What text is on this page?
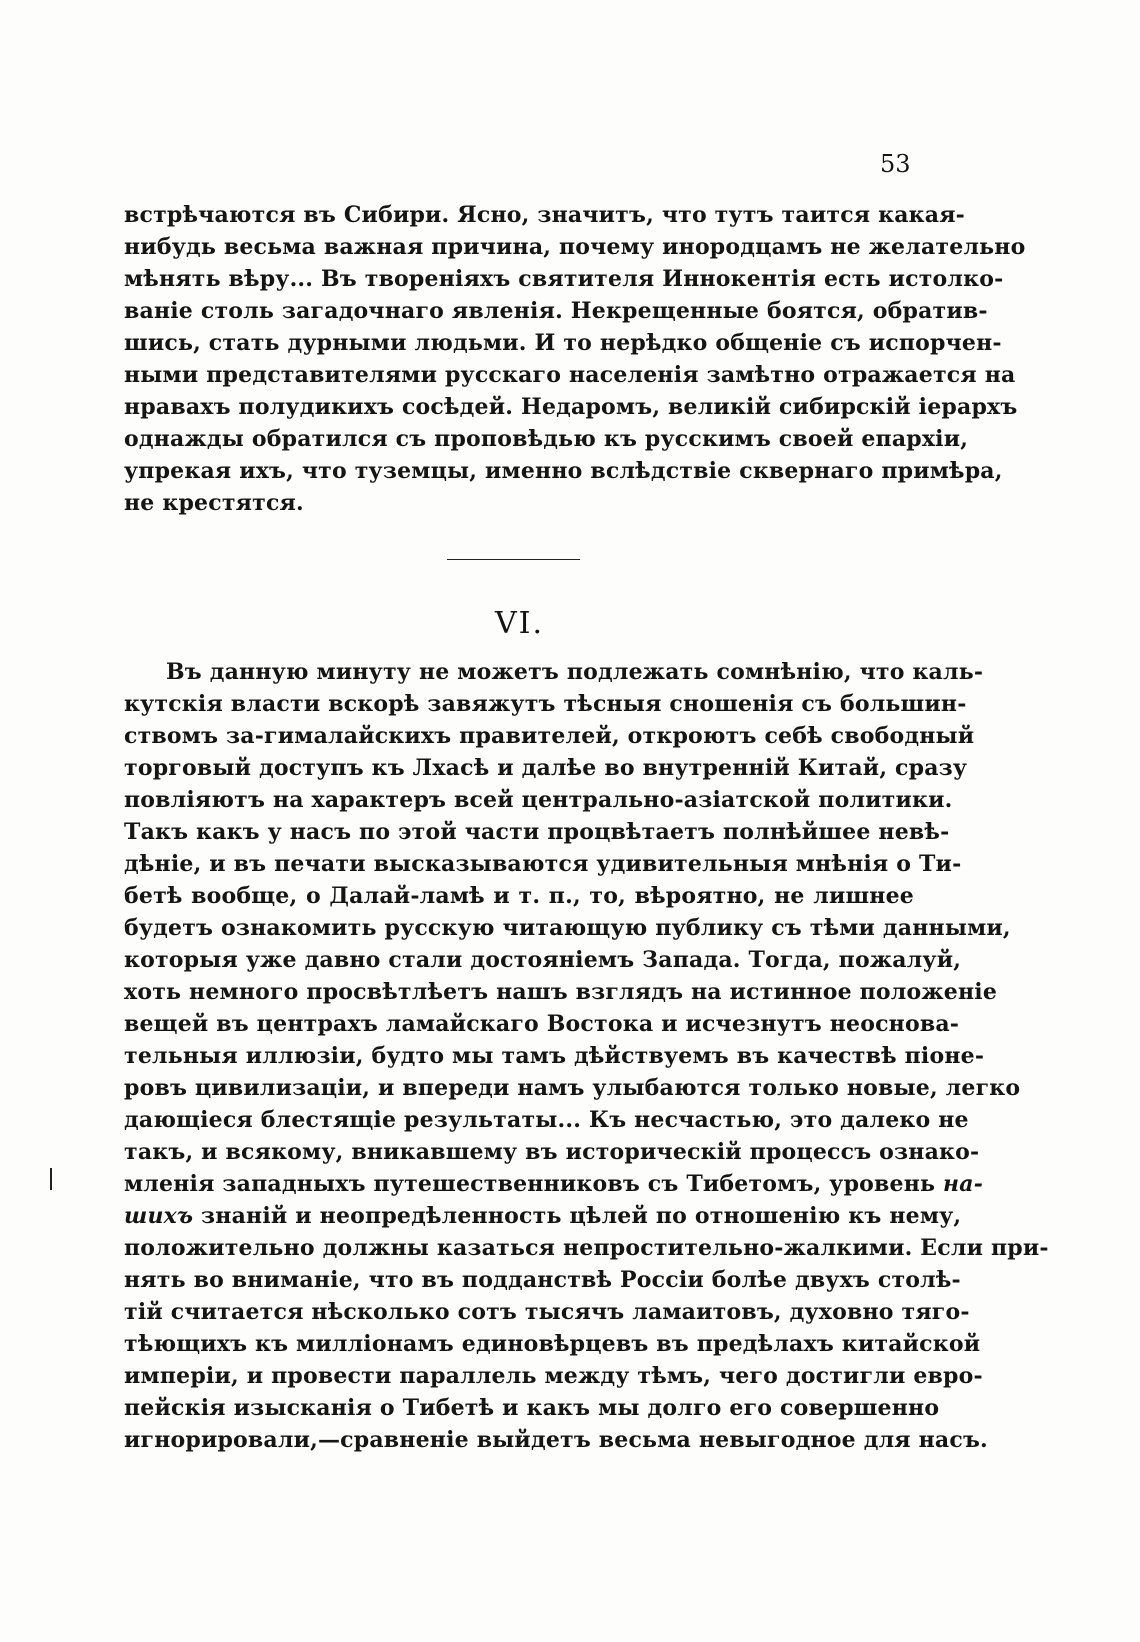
53
встрѣчаются въ Сибири. Ясно, значитъ, что тутъ таится какая-
нибудь весьма важная причина, почему инородцамъ не желательно
мѣнять вѣру... Въ твореніяхъ святителя Иннокентія есть истолко-
ваніе столь загадочнаго явленія. Некрещенные боятся, обратив-
шись, стать дурными людьми. И то нерѣдко общеніе съ испорчен-
ными представителями русскаго населенія замѣтно отражается на
нравахъ полудикихъ сосѣдей. Недаромъ, великій сибирскій іерархъ
однажды обратился съ проповѣдью къ русскимъ своей епархіи,
упрекая ихъ, что туземцы, именно вслѣдствіе сквернаго примѣра,
не крестятся.
VI.
Въ данную минуту не можетъ подлежать сомнѣнію, что каль-
кутскія власти вскорѣ завяжутъ тѣсныя сношенія съ большин-
ствомъ за-гималайскихъ правителей, откроютъ себѣ свободный
торговый доступъ къ Лхасѣ и далѣе во внутренній Китай, сразу
повліяютъ на характеръ всей центрально-азіатской политики.
Такъ какъ у насъ по этой части процвѣтаетъ полнѣйшее невѣ-
дѣніе, и въ печати высказываются удивительныя мнѣнія о Ти-
бетѣ вообще, о Далай-ламѣ и т. п., то, вѣроятно, не лишнее
будетъ ознакомить русскую читающую публику съ тѣми данными,
которыя уже давно стали достояніемъ Запада. Тогда, пожалуй,
хоть немного просвѣтлѣетъ нашъ взглядъ на истинное положеніе
вещей въ центрахъ ламайскаго Востока и исчезнутъ неоснова-
тельныя иллюзіи, будто мы тамъ дѣйствуемъ въ качествѣ піоне-
ровъ цивилизаціи, и впереди намъ улыбаются только новые, легко
дающіеся блестящіе результаты... Къ несчастью, это далеко не
такъ, и всякому, вникавшему въ историческій процессъ ознако-
мленія западныхъ путешественниковъ съ Тибетомъ, уровень на-
шихъ знаній и неопредѣленность цѣлей по отношенію къ нему,
положительно должны казаться непростительно-жалкими. Если при-
нять во вниманіе, что въ подданствѣ Россіи болѣе двухъ столѣ-
тій считается нѣсколько сотъ тысячъ ламаитовъ, духовно тяго-
тѣющихъ къ милліонамъ единовѣрцевъ въ предѣлахъ китайской
имперіи, и провести параллель между тѣмъ, чего достигли евро-
пейскія изысканія о Тибетѣ и какъ мы долго его совершенно
игнорировали,—сравненіе выйдетъ весьма невыгодное для насъ.
